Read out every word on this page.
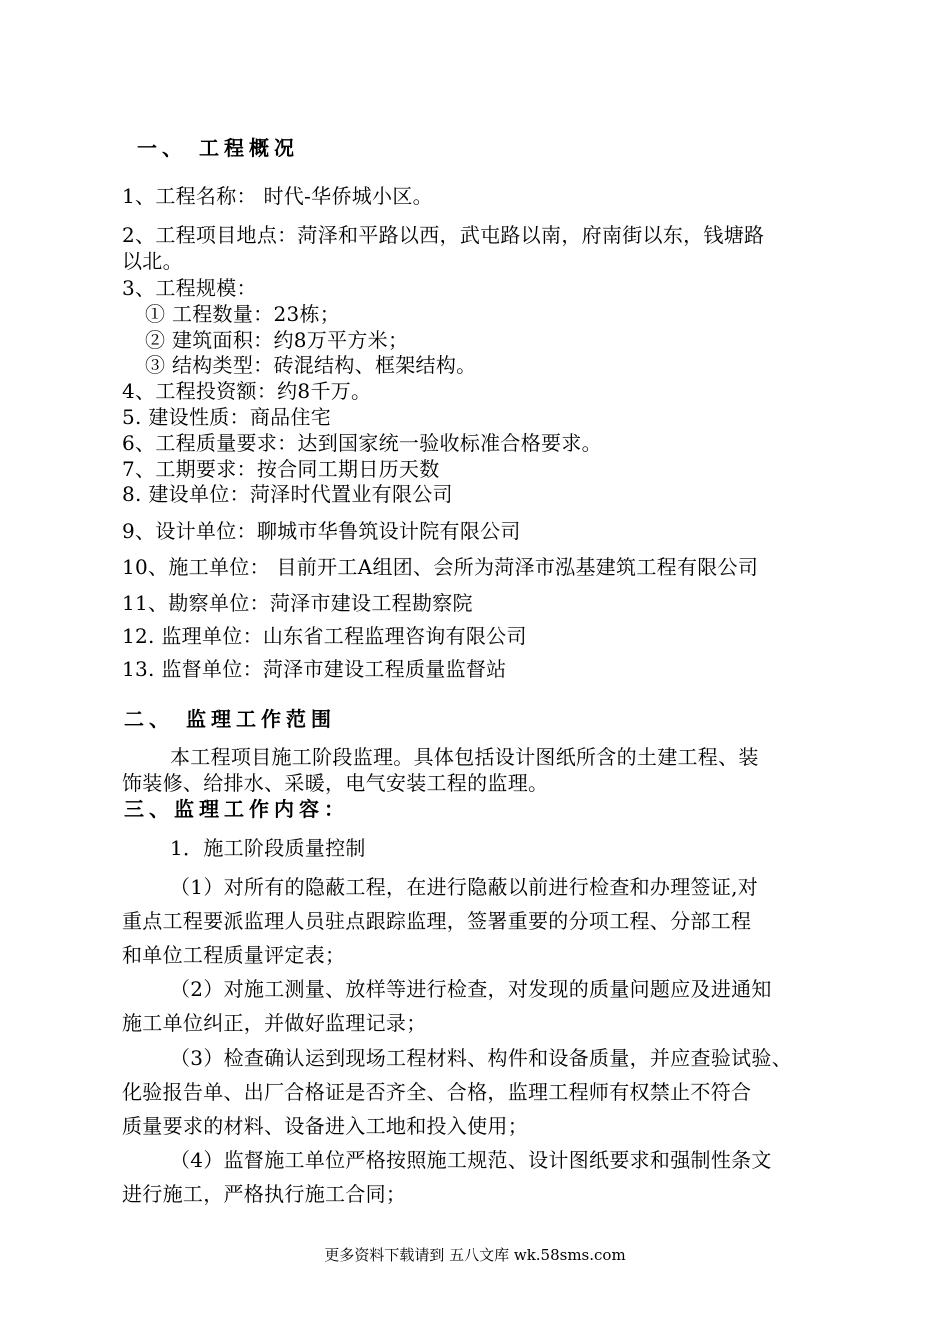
一、 工程概况
1、工程名称： 时代-华侨城小区。
2、工程项目地点：菏泽和平路以西，武屯路以南，府南街以东，钱塘路
以北。
3、工程规模：
① 工程数量：23栋；
② 建筑面积：约8万平方米；
③ 结构类型：砖混结构、框架结构。
4、工程投资额：约8千万。
5. 建设性质：商品住宅
6、工程质量要求：达到国家统一验收标准合格要求。
7、工期要求：按合同工期日历天数
8. 建设单位：菏泽时代置业有限公司
9、设计单位：聊城市华鲁筑设计院有限公司
10、施工单位： 目前开工A组团、会所为菏泽市泓基建筑工程有限公司
11、勘察单位：菏泽市建设工程勘察院
12. 监理单位：山东省工程监理咨询有限公司
13. 监督单位：菏泽市建设工程质量监督站
二、 监理工作范围
本工程项目施工阶段监理。具体包括设计图纸所含的土建工程、装
饰装修、给排水、采暖，电气安装工程的监理。
三、监理工作内容：
1．施工阶段质量控制
（1）对所有的隐蔽工程，在进行隐蔽以前进行检查和办理签证,对
重点工程要派监理人员驻点跟踪监理，签署重要的分项工程、分部工程
和单位工程质量评定表；
（2）对施工测量、放样等进行检查，对发现的质量问题应及进通知
施工单位纠正，并做好监理记录；
（3）检查确认运到现场工程材料、构件和设备质量，并应查验试验、
化验报告单、出厂合格证是否齐全、合格，监理工程师有权禁止不符合
质量要求的材料、设备进入工地和投入使用；
（4）监督施工单位严格按照施工规范、设计图纸要求和强制性条文
进行施工，严格执行施工合同；
更多资料下载请到 五八文库 wk.58sms.com
